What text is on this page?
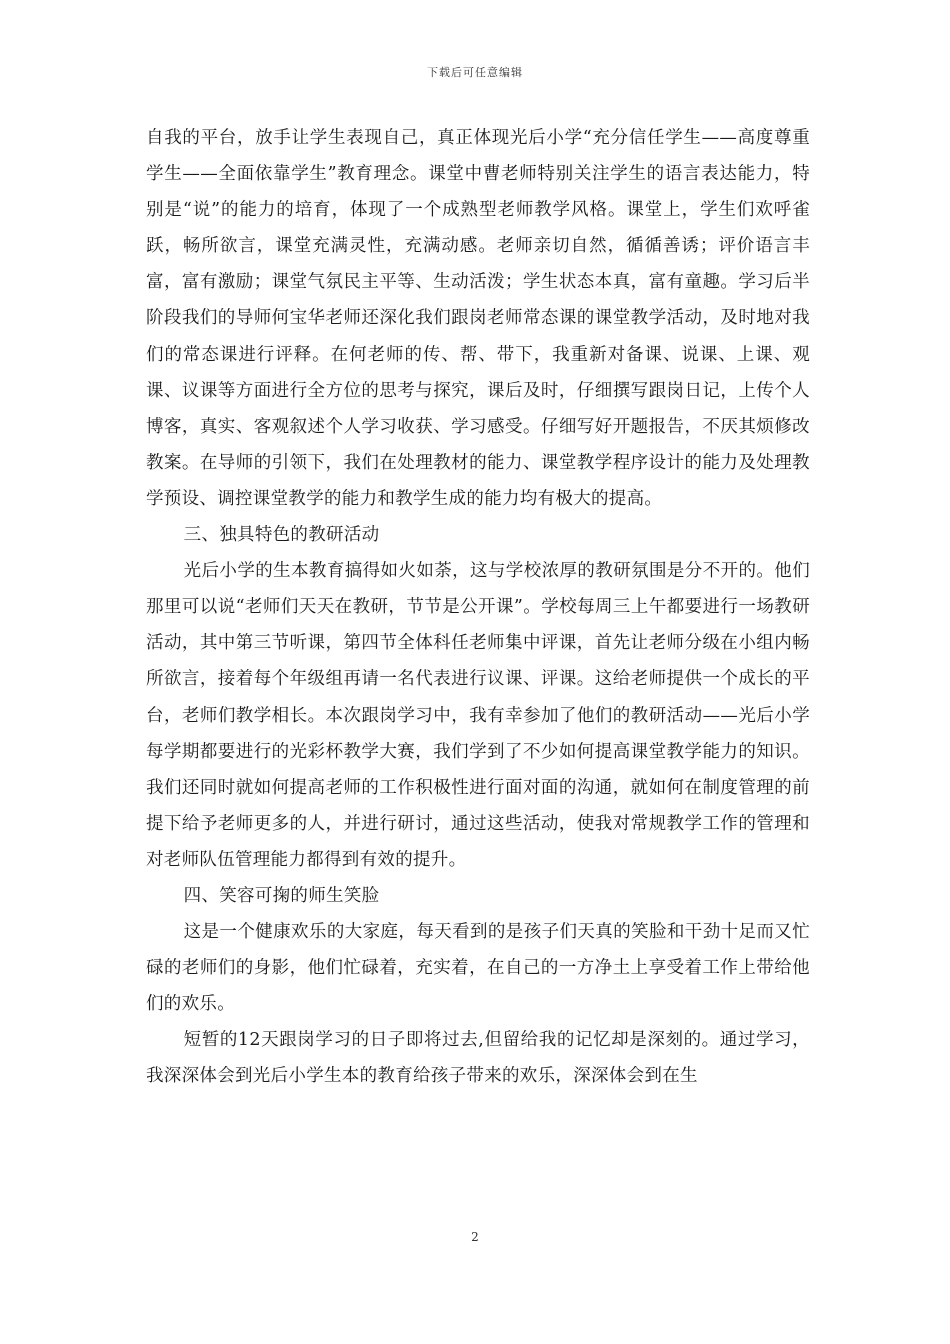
下载后可任意编辑

自我的平台，放手让学生表现自己，真正体现光后小学“充分信任学生——高度尊重学生——全面依靠学生”教育理念。课堂中曹老师特别关注学生的语言表达能力，特别是“说”的能力的培育，体现了一个成熟型老师教学风格。课堂上，学生们欢呼雀跃，畅所欲言，课堂充满灵性，充满动感。老师亲切自然，循循善诱；评价语言丰富，富有激励；课堂气氛民主平等、生动活泼；学生状态本真，富有童趣。学习后半阶段我们的导师何宝华老师还深化我们跟岗老师常态课的课堂教学活动，及时地对我们的常态课进行评释。在何老师的传、帮、带下，我重新对备课、说课、上课、观课、议课等方面进行全方位的思考与探究，课后及时，仔细撰写跟岗日记，上传个人博客，真实、客观叙述个人学习收获、学习感受。仔细写好开题报告，不厌其烦修改教案。在导师的引领下，我们在处理教材的能力、课堂教学程序设计的能力及处理教学预设、调控课堂教学的能力和教学生成的能力均有极大的提高。

三、独具特色的教研活动

光后小学的生本教育搞得如火如荼，这与学校浓厚的教研氛围是分不开的。他们那里可以说“老师们天天在教研，节节是公开课”。学校每周三上午都要进行一场教研活动，其中第三节听课，第四节全体科任老师集中评课，首先让老师分级在小组内畅所欲言，接着每个年级组再请一名代表进行议课、评课。这给老师提供一个成长的平台，老师们教学相长。本次跟岗学习中，我有幸参加了他们的教研活动——光后小学每学期都要进行的光彩杯教学大赛，我们学到了不少如何提高课堂教学能力的知识。我们还同时就如何提高老师的工作积极性进行面对面的沟通，就如何在制度管理的前提下给予老师更多的人，并进行研讨，通过这些活动，使我对常规教学工作的管理和对老师队伍管理能力都得到有效的提升。

四、笑容可掬的师生笑脸

这是一个健康欢乐的大家庭，每天看到的是孩子们天真的笑脸和干劲十足而又忙碌的老师们的身影，他们忙碌着，充实着，在自己的一方净土上享受着工作上带给他们的欢乐。

短暂的12天跟岗学习的日子即将过去,但留给我的记忆却是深刻的。通过学习，我深深体会到光后小学生本的教育给孩子带来的欢乐，深深体会到在生

2
